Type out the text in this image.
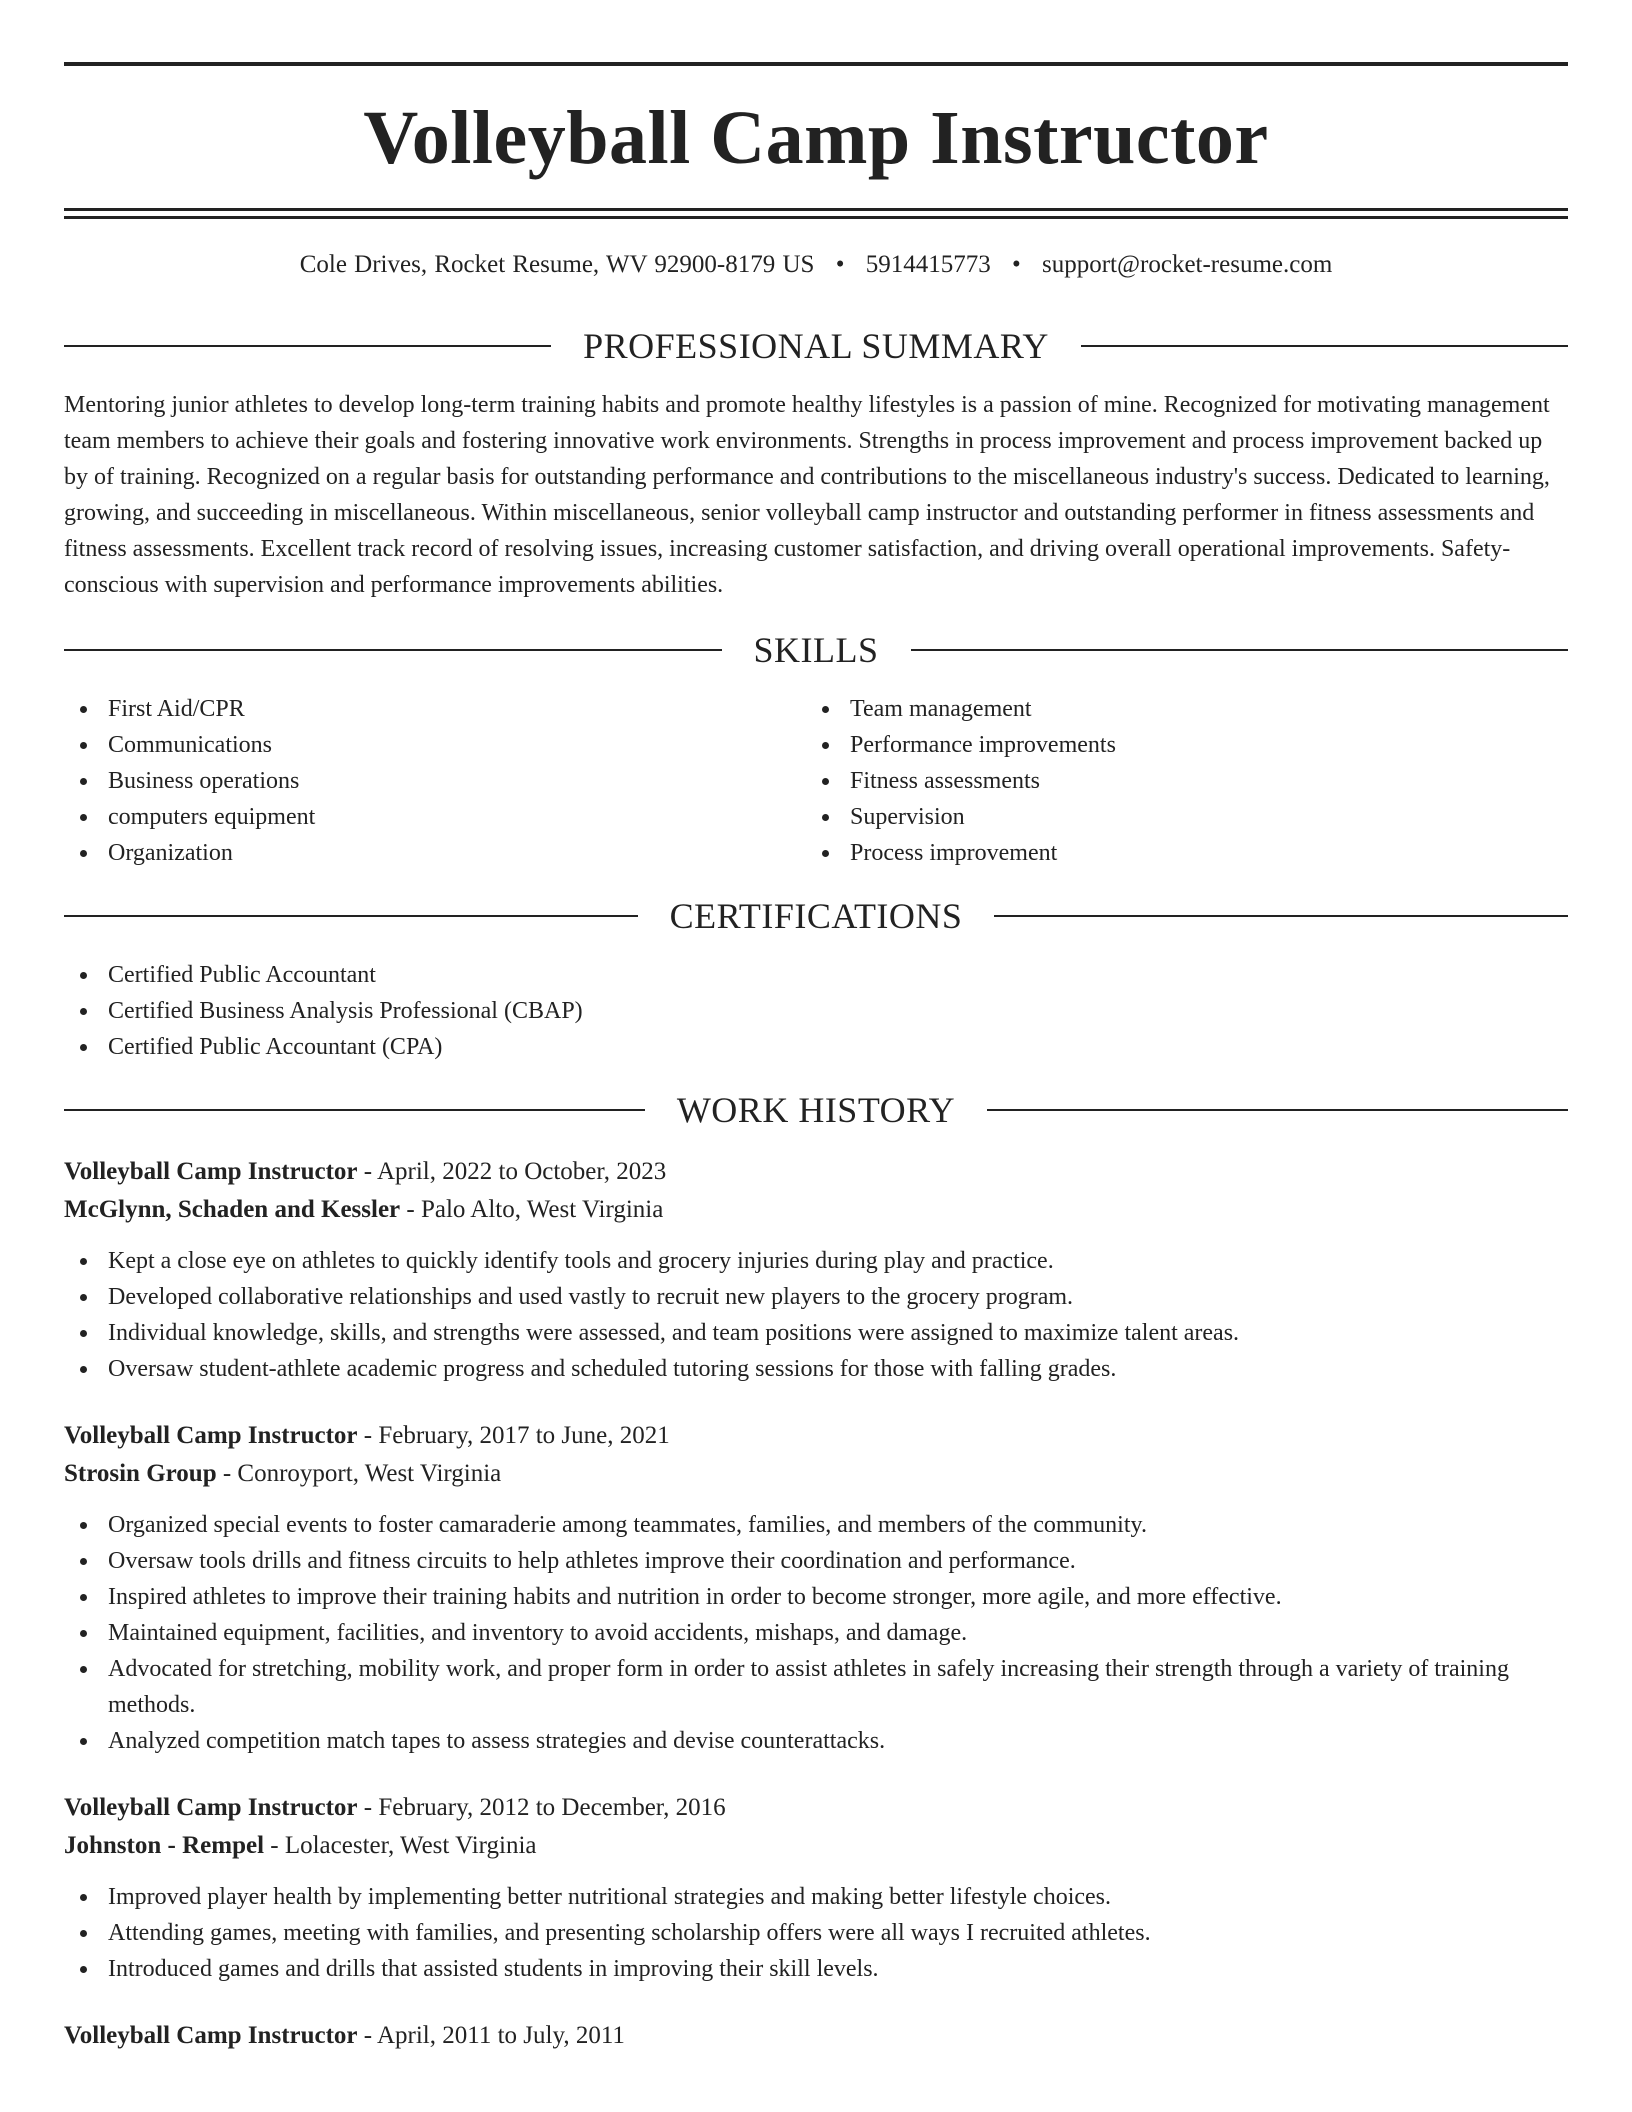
Volleyball Camp Instructor
Cole Drives, Rocket Resume, WV 92900-8179 US • 5914415773 • support@rocket-resume.com
PROFESSIONAL SUMMARY

Mentoring junior athletes to develop long-term training habits and promote healthy lifestyles is a passion of mine. Recognized for motivating management team members to achieve their goals and fostering innovative work environments. Strengths in process improvement and process improvement backed up by of training. Recognized on a regular basis for outstanding performance and contributions to the miscellaneous industry's success. Dedicated to learning, growing, and succeeding in miscellaneous. Within miscellaneous, senior volleyball camp instructor and outstanding performer in fitness assessments and fitness assessments. Excellent track record of resolving issues, increasing customer satisfaction, and driving overall operational improvements. Safety-conscious with supervision and performance improvements abilities.

SKILLS
First Aid/CPR
Communications
Business operations
computers equipment
Organization
Team management
Performance improvements
Fitness assessments
Supervision
Process improvement
CERTIFICATIONS
Certified Public Accountant
Certified Business Analysis Professional (CBAP)
Certified Public Accountant (CPA)
WORK HISTORY
Volleyball Camp Instructor - April, 2022 to October, 2023
McGlynn, Schaden and Kessler - Palo Alto, West Virginia
Kept a close eye on athletes to quickly identify tools and grocery injuries during play and practice.
Developed collaborative relationships and used vastly to recruit new players to the grocery program.
Individual knowledge, skills, and strengths were assessed, and team positions were assigned to maximize talent areas.
Oversaw student-athlete academic progress and scheduled tutoring sessions for those with falling grades.
Volleyball Camp Instructor - February, 2017 to June, 2021
Strosin Group - Conroyport, West Virginia
Organized special events to foster camaraderie among teammates, families, and members of the community.
Oversaw tools drills and fitness circuits to help athletes improve their coordination and performance.
Inspired athletes to improve their training habits and nutrition in order to become stronger, more agile, and more effective.
Maintained equipment, facilities, and inventory to avoid accidents, mishaps, and damage.
Advocated for stretching, mobility work, and proper form in order to assist athletes in safely increasing their strength through a variety of training methods.
Analyzed competition match tapes to assess strategies and devise counterattacks.
Volleyball Camp Instructor - February, 2012 to December, 2016
Johnston - Rempel - Lolacester, West Virginia
Improved player health by implementing better nutritional strategies and making better lifestyle choices.
Attending games, meeting with families, and presenting scholarship offers were all ways I recruited athletes.
Introduced games and drills that assisted students in improving their skill levels.
Volleyball Camp Instructor - April, 2011 to July, 2011
